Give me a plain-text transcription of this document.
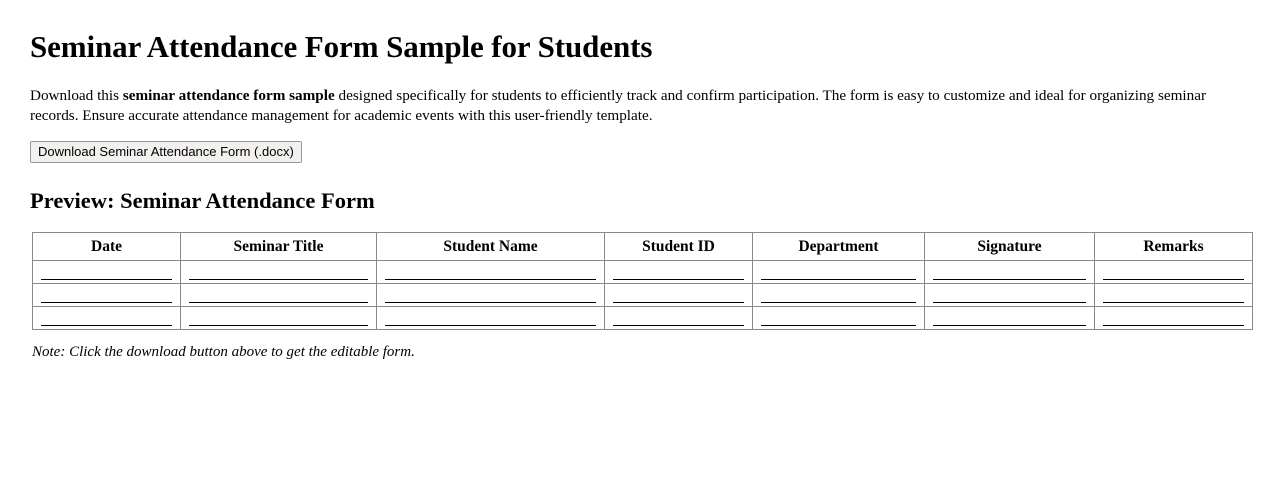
Seminar Attendance Form Sample for Students

Download this seminar attendance form sample designed specifically for students to efficiently track and confirm participation. The form is easy to customize and ideal for organizing seminar records. Ensure accurate attendance management for academic events with this user-friendly template.

Download Seminar Attendance Form (.docx)
Preview: Seminar Attendance Form
Date	Seminar Title	Student Name	Student ID	Department	Signature	Remarks

Note: Click the download button above to get the editable form.
